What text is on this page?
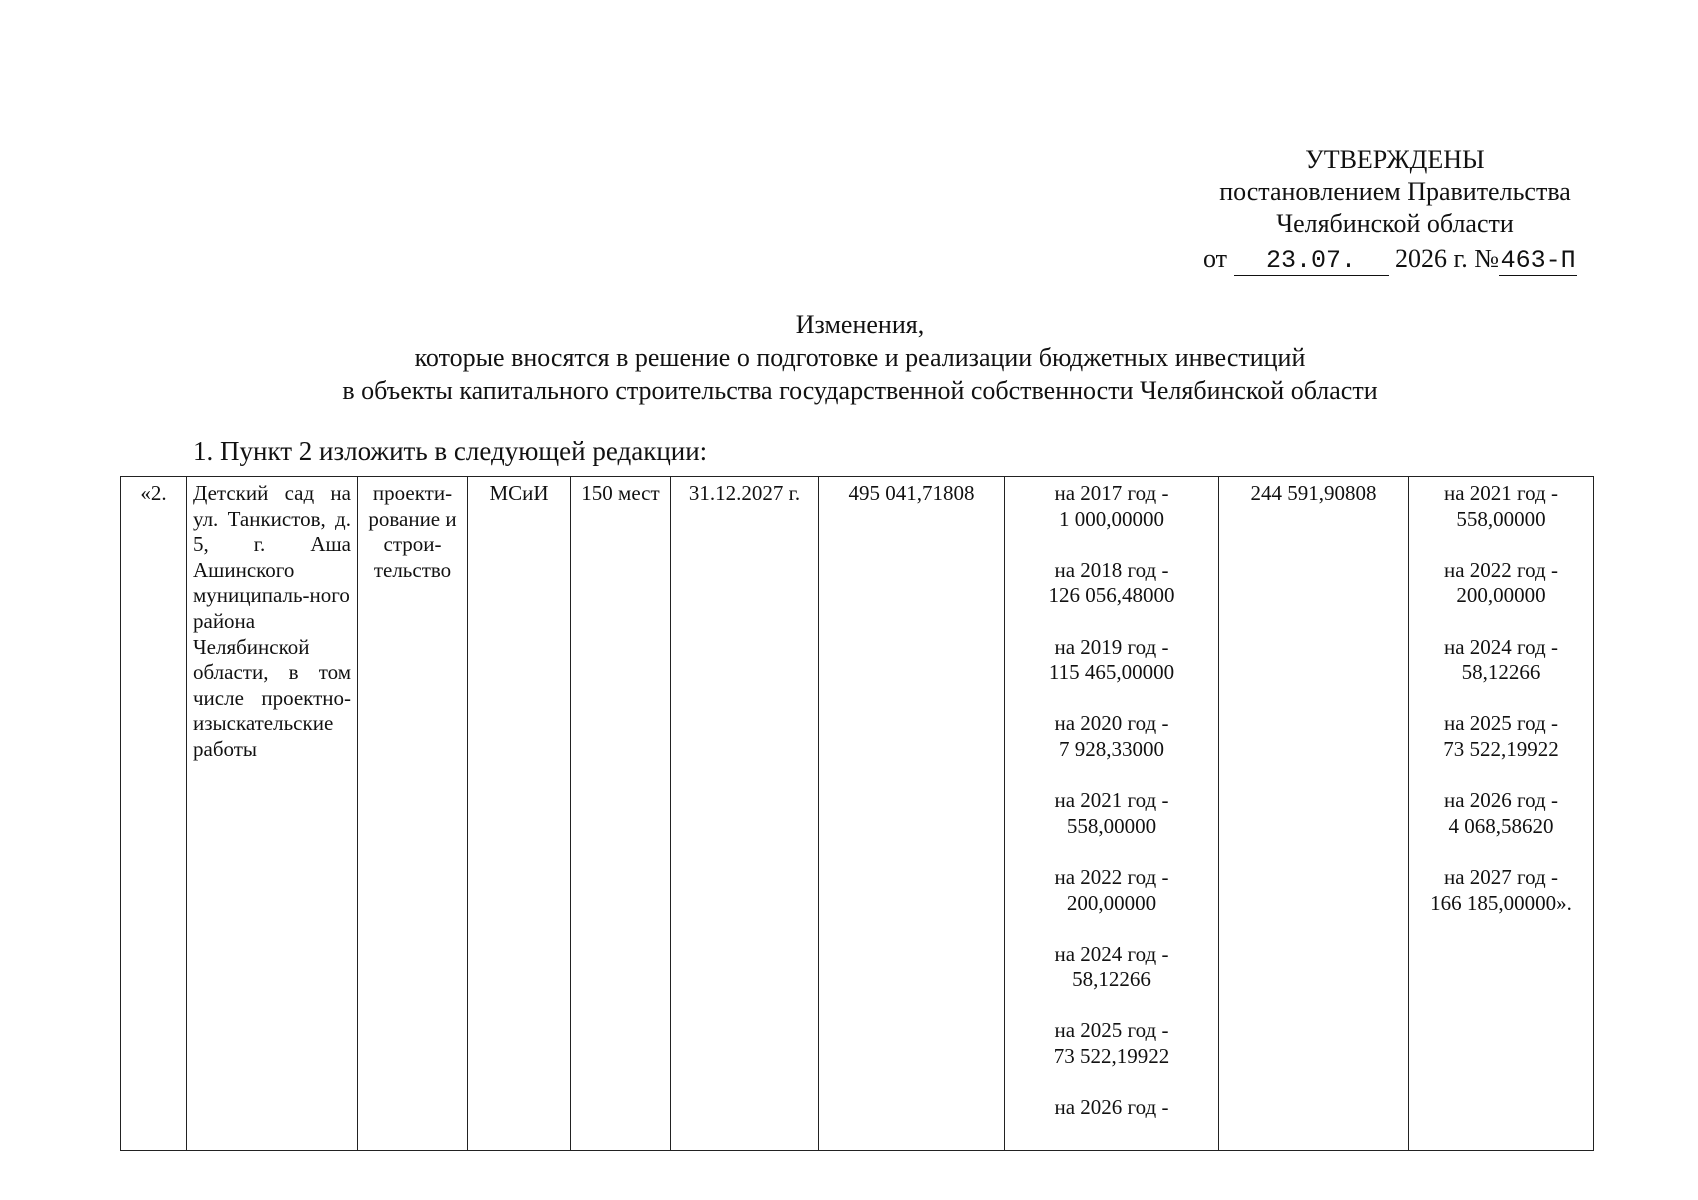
УТВЕРЖДЕНЫ
постановлением Правительства
Челябинской области
от 23.07. 2026 г. №463-П
Изменения,
которые вносятся в решение о подготовке и реализации бюджетных инвестиций
в объекты капитального строительства государственной собственности Челябинской области
1. Пункт 2 изложить в следующей редакции:
«2.	Детский сад на ул. Танкистов, д. 5, г. Аша Ашинского муниципаль-ного района Челябинской области, в том числе проектно-изыскательские работы	проекти-рование и строи-тельство	МСиИ	150 мест	31.12.2027 г.	495 041,71808	на 2017 год -
1 000,00000
на 2018 год -
126 056,48000
на 2019 год -
115 465,00000
на 2020 год -
7 928,33000
на 2021 год -
558,00000
на 2022 год -
200,00000
на 2024 год -
58,12266
на 2025 год -
73 522,19922
на 2026 год -
	244 591,90808	на 2021 год -
558,00000
на 2022 год -
200,00000
на 2024 год -
58,12266
на 2025 год -
73 522,19922
на 2026 год -
4 068,58620
на 2027 год -
166 185,00000».
